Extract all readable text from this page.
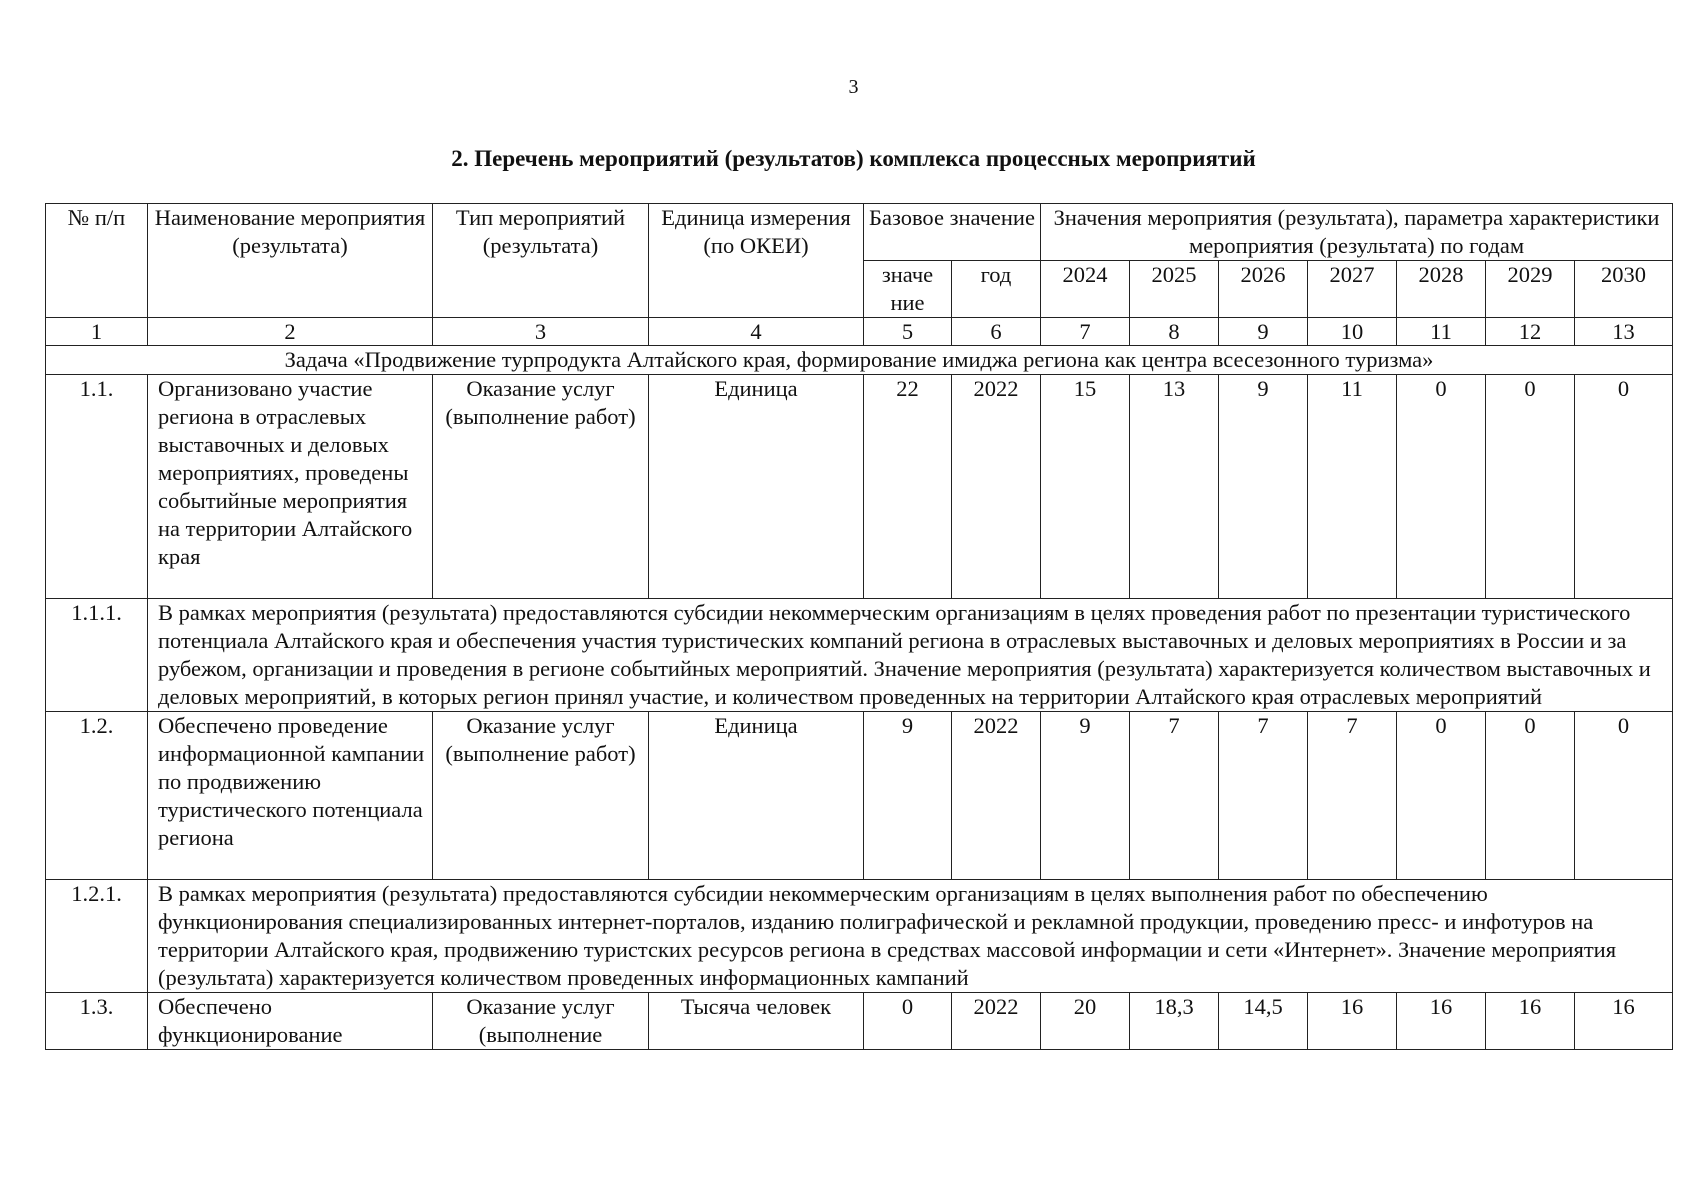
3
2. Перечень мероприятий (результатов) комплекса процессных мероприятий
№ п/п	Наименование мероприятия (результата)	Тип мероприятий (результата)	Единица измерения (по ОКЕИ)	Базовое значение		Значения мероприятия (результата), параметра характеристики мероприятия (результата) по годам						
				значе ние	год	2024	2025	2026	2027	2028	2029	2030
1	2	3	4	5	6	7	8	9	10	11	12	13
Задача «Продвижение турпродукта Алтайского края, формирование имиджа региона как центра всесезонного туризма»												
1.1.	Организовано участие региона в отраслевых выставочных и деловых мероприятиях, проведены событийные мероприятия на территории Алтайского края	Оказание услуг (выполнение работ)	Единица	22	2022	15	13	9	11	0	0	0
1.1.1.	В рамках мероприятия (результата) предоставляются субсидии некоммерческим организациям в целях проведения работ по презентации туристического потенциала Алтайского края и обеспечения участия туристических компаний региона в отраслевых выставочных и деловых мероприятиях в России и за рубежом, организации и проведения в регионе событийных мероприятий. Значение мероприятия (результата) характеризуется количеством выставочных и деловых мероприятий, в которых регион принял участие, и количеством проведенных на территории Алтайского края отраслевых мероприятий											
1.2.	Обеспечено проведение информационной кампании по продвижению туристического потенциала региона	Оказание услуг (выполнение работ)	Единица	9	2022	9	7	7	7	0	0	0
1.2.1.	В рамках мероприятия (результата) предоставляются субсидии некоммерческим организациям в целях выполнения работ по обеспечению функционирования специализированных интернет-порталов, изданию полиграфической и рекламной продукции, проведению пресс- и инфотуров на территории Алтайского края, продвижению туристских ресурсов региона в средствах массовой информации и сети «Интернет». Значение мероприятия (результата) характеризуется количеством проведенных информационных кампаний											
1.3.	Обеспечено функционирование	Оказание услуг (выполнение	Тысяча человек	0	2022	20	18,3	14,5	16	16	16	16
